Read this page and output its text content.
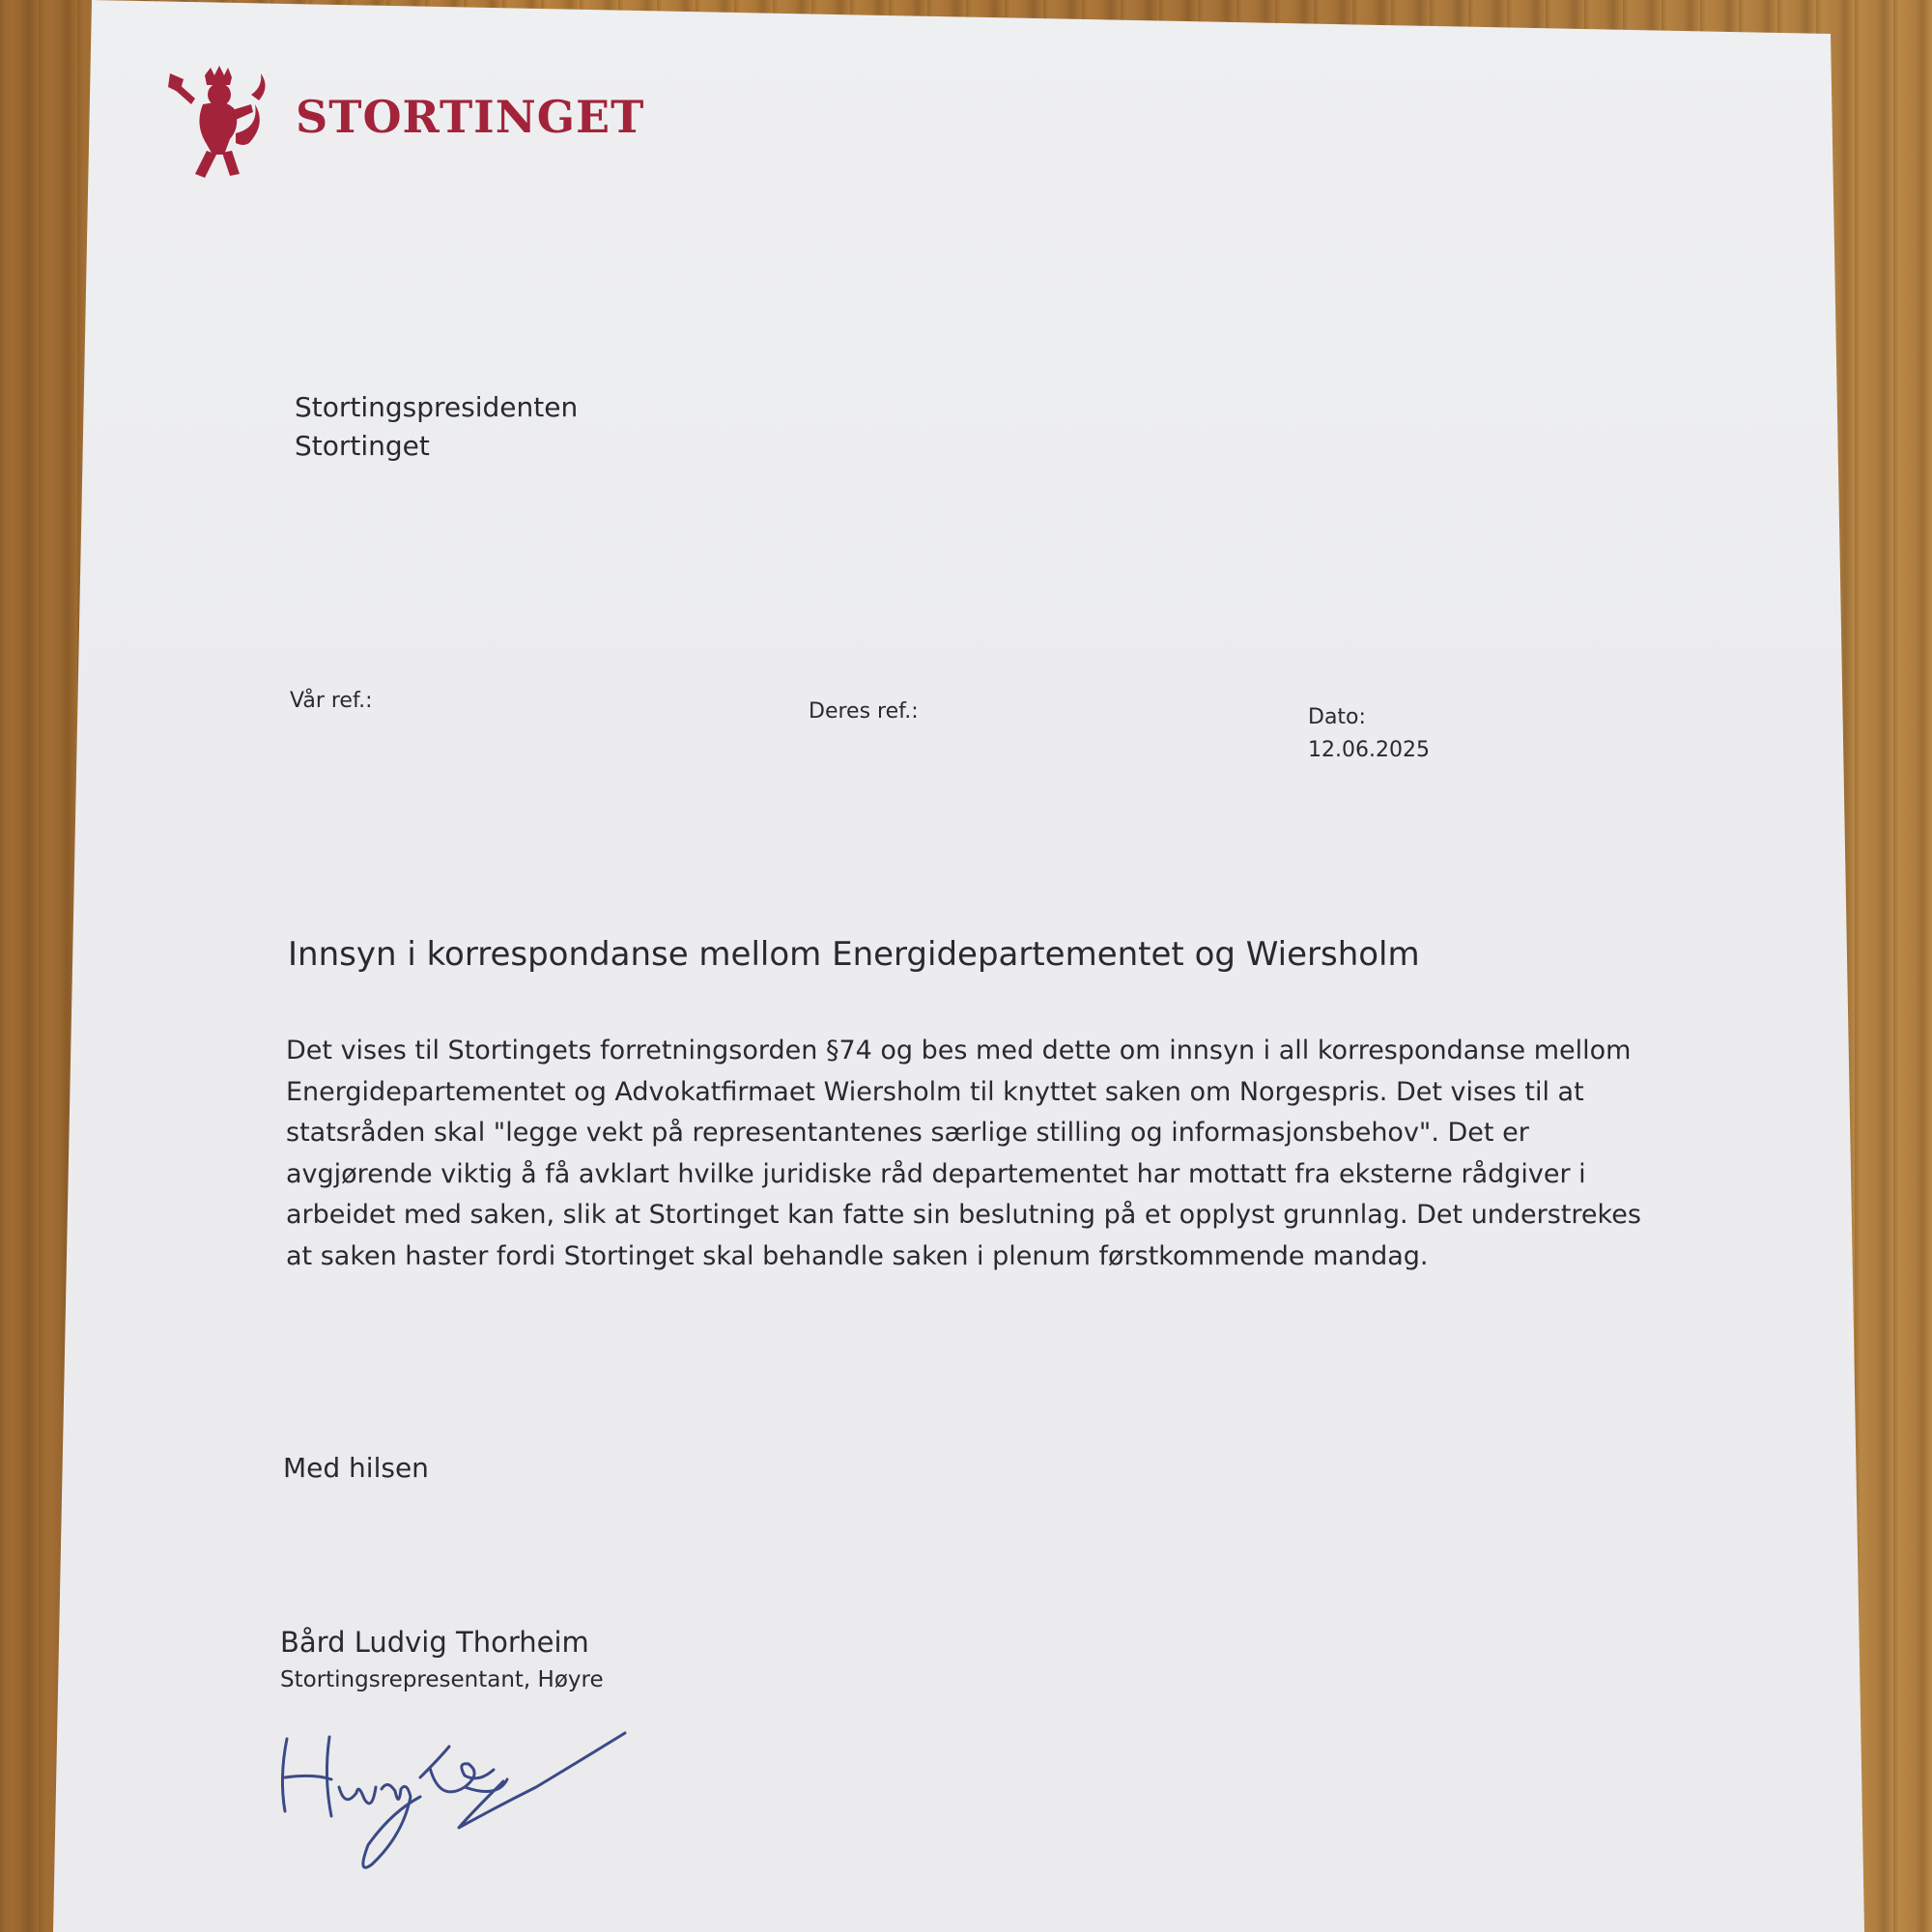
STORTINGET
Stortingspresidenten
Stortinget
Vår ref.:	Deres ref.:	Dato:
12.06.2025
Innsyn i korrespondanse mellom Energidepartementet og Wiersholm

Det vises til Stortingets forretningsorden §74 og bes med dette om innsyn i all korrespondanse mellom Energidepartementet og Advokatfirmaet Wiersholm til knyttet saken om Norgespris. Det vises til at statsråden skal "legge vekt på representantenes særlige stilling og informasjonsbehov". Det er avgjørende viktig å få avklart hvilke juridiske råd departementet har mottatt fra eksterne rådgiver i arbeidet med saken, slik at Stortinget kan fatte sin beslutning på et opplyst grunnlag. Det understrekes at saken haster fordi Stortinget skal behandle saken i plenum førstkommende mandag.

Med hilsen
Bård Ludvig Thorheim
Stortingsrepresentant, Høyre
